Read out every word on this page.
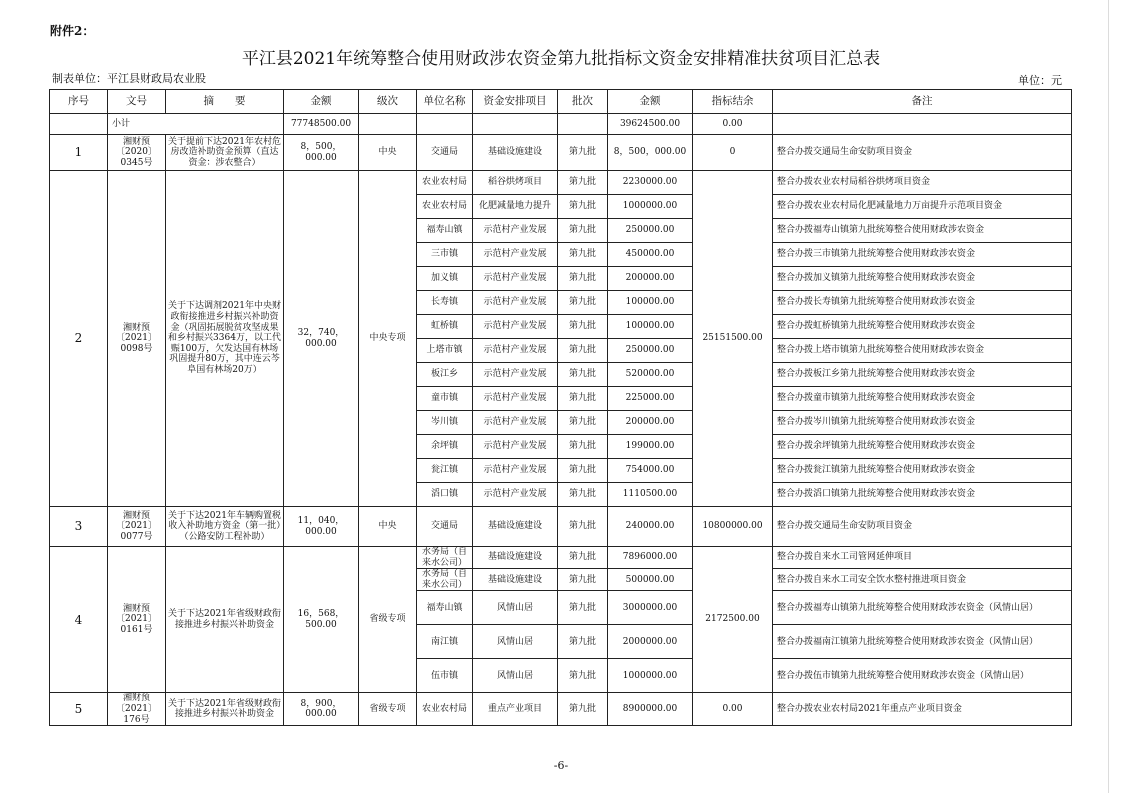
附件2：
平江县2021年统筹整合使用财政涉农资金第九批指标文资金安排精准扶贫项目汇总表
制表单位：平江县财政局农业股	单位：元
序号	文号	摘　　要	金额	级次	单位名称	资金安排项目	批次	金额	指标结余	备注
	小计		77748500.00					39624500.00	0.00	
1	湘财预〔2020〕0345号	关于提前下达2021年农村危房改造补助资金预算（直达资金：涉农整合）	8，500，000.00	中央	交通局	基础设施建设	第九批	8，500，000.00	0	整合办拨交通局生命安防项目资金
2	湘财预〔2021〕0098号	关于下达调剂2021年中央财政衔接推进乡村振兴补助资金（巩固拓展脱贫攻坚成果和乡村振兴3364万，以工代赈100万，欠发达国有林场巩固提升80万，其中连云芩阜国有林场20万）	32，740，000.00	中央专项	农业农村局	稻谷烘烤项目	第九批	2230000.00	25151500.00	整合办拨农业农村局稻谷烘烤项目资金
					农业农村局	化肥减量地力提升	第九批	1000000.00		整合办拨农业农村局化肥减量地力万亩提升示范项目资金
					福寿山镇	示范村产业发展	第九批	250000.00		整合办拨福寿山镇第九批统筹整合使用财政涉农资金
					三市镇	示范村产业发展	第九批	450000.00		整合办拨三市镇第九批统筹整合使用财政涉农资金
					加义镇	示范村产业发展	第九批	200000.00		整合办拨加义镇第九批统筹整合使用财政涉农资金
					长寿镇	示范村产业发展	第九批	100000.00		整合办拨长寿镇第九批统筹整合使用财政涉农资金
					虹桥镇	示范村产业发展	第九批	100000.00		整合办拨虹桥镇第九批统筹整合使用财政涉农资金
					上塔市镇	示范村产业发展	第九批	250000.00		整合办拨上塔市镇第九批统筹整合使用财政涉农资金
					板江乡	示范村产业发展	第九批	520000.00		整合办拨板江乡第九批统筹整合使用财政涉农资金
					童市镇	示范村产业发展	第九批	225000.00		整合办拨童市镇第九批统筹整合使用财政涉农资金
					岑川镇	示范村产业发展	第九批	200000.00		整合办拨岑川镇第九批统筹整合使用财政涉农资金
					余坪镇	示范村产业发展	第九批	199000.00		整合办拨余坪镇第九批统筹整合使用财政涉农资金
					瓮江镇	示范村产业发展	第九批	754000.00		整合办拨瓮江镇第九批统筹整合使用财政涉农资金
					滔口镇	示范村产业发展	第九批	1110500.00		整合办拨滔口镇第九批统筹整合使用财政涉农资金
3	湘财预〔2021〕0077号	关于下达2021年车辆购置税收入补助地方资金（第一批）（公路安防工程补助）	11，040，000.00	中央	交通局	基础设施建设	第九批	240000.00	10800000.00	整合办拨交通局生命安防项目资金
4	湘财预〔2021〕0161号	关于下达2021年省级财政衔接推进乡村振兴补助资金	16，568，500.00	省级专项	水务局（自来水公司）	基础设施建设	第九批	7896000.00	2172500.00	整合办拨自来水工司管网延伸项目
					水务局（自来水公司）	基础设施建设	第九批	500000.00		整合办拨自来水工司安全饮水整村推进项目资金
					福寿山镇	风情山居	第九批	3000000.00		整合办拨福寿山镇第九批统筹整合使用财政涉农资金（风情山居）
					南江镇	风情山居	第九批	2000000.00		整合办拨福南江镇第九批统筹整合使用财政涉农资金（风情山居）
					伍市镇	风情山居	第九批	1000000.00		整合办拨伍市镇第九批统筹整合使用财政涉农资金（风情山居）
5	湘财预〔2021〕176号	关于下达2021年省级财政衔接推进乡村振兴补助资金	8，900，000.00	省级专项	农业农村局	重点产业项目	第九批	8900000.00	0.00	整合办拨农业农村局2021年重点产业项目资金
-6-
